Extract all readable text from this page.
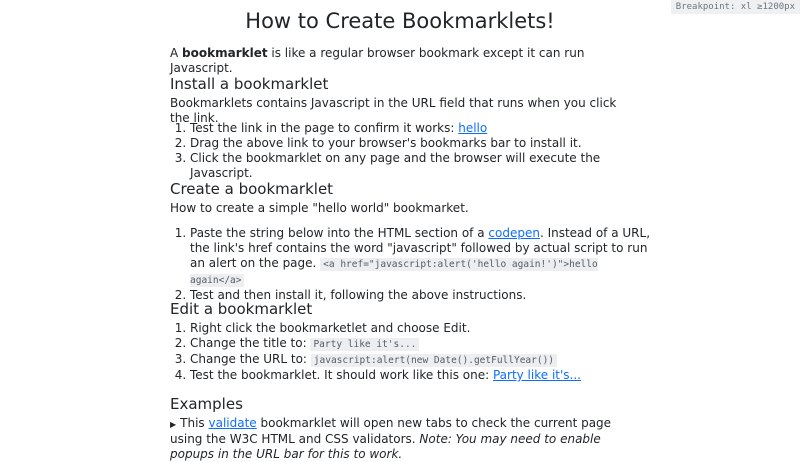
Breakpoint: xl ≥1200px
How to Create Bookmarklets!

A bookmarklet is like a regular browser bookmark except it can run Javascript.

Install a bookmarklet

Bookmarklets contains Javascript in the URL field that runs when you click the link.

1. Test the link in the page to confirm it works: hello
2. Drag the above link to your browser's bookmarks bar to install it.
3. Click the bookmarklet on any page and the browser will execute the Javascript.
Create a bookmarklet

How to create a simple "hello world" bookmarket.

1. Paste the string below into the HTML section of a codepen. Instead of a URL, the link's href contains the word "javascript" followed by actual script to run an alert on the page. <a href="javascript:alert('hello again!')">hello again</a>
2. Test and then install it, following the above instructions.
Edit a bookmarklet
1. Right click the bookmarketlet and choose Edit.
2. Change the title to: Party like it's...
3. Change the URL to: javascript:alert(new Date().getFullYear())
4. Test the bookmarklet. It should work like this one: Party like it's...
Examples
▶ This validate bookmarklet will open new tabs to check the current page using the W3C HTML and CSS validators. Note: You may need to enable popups in the URL bar for this to work.
